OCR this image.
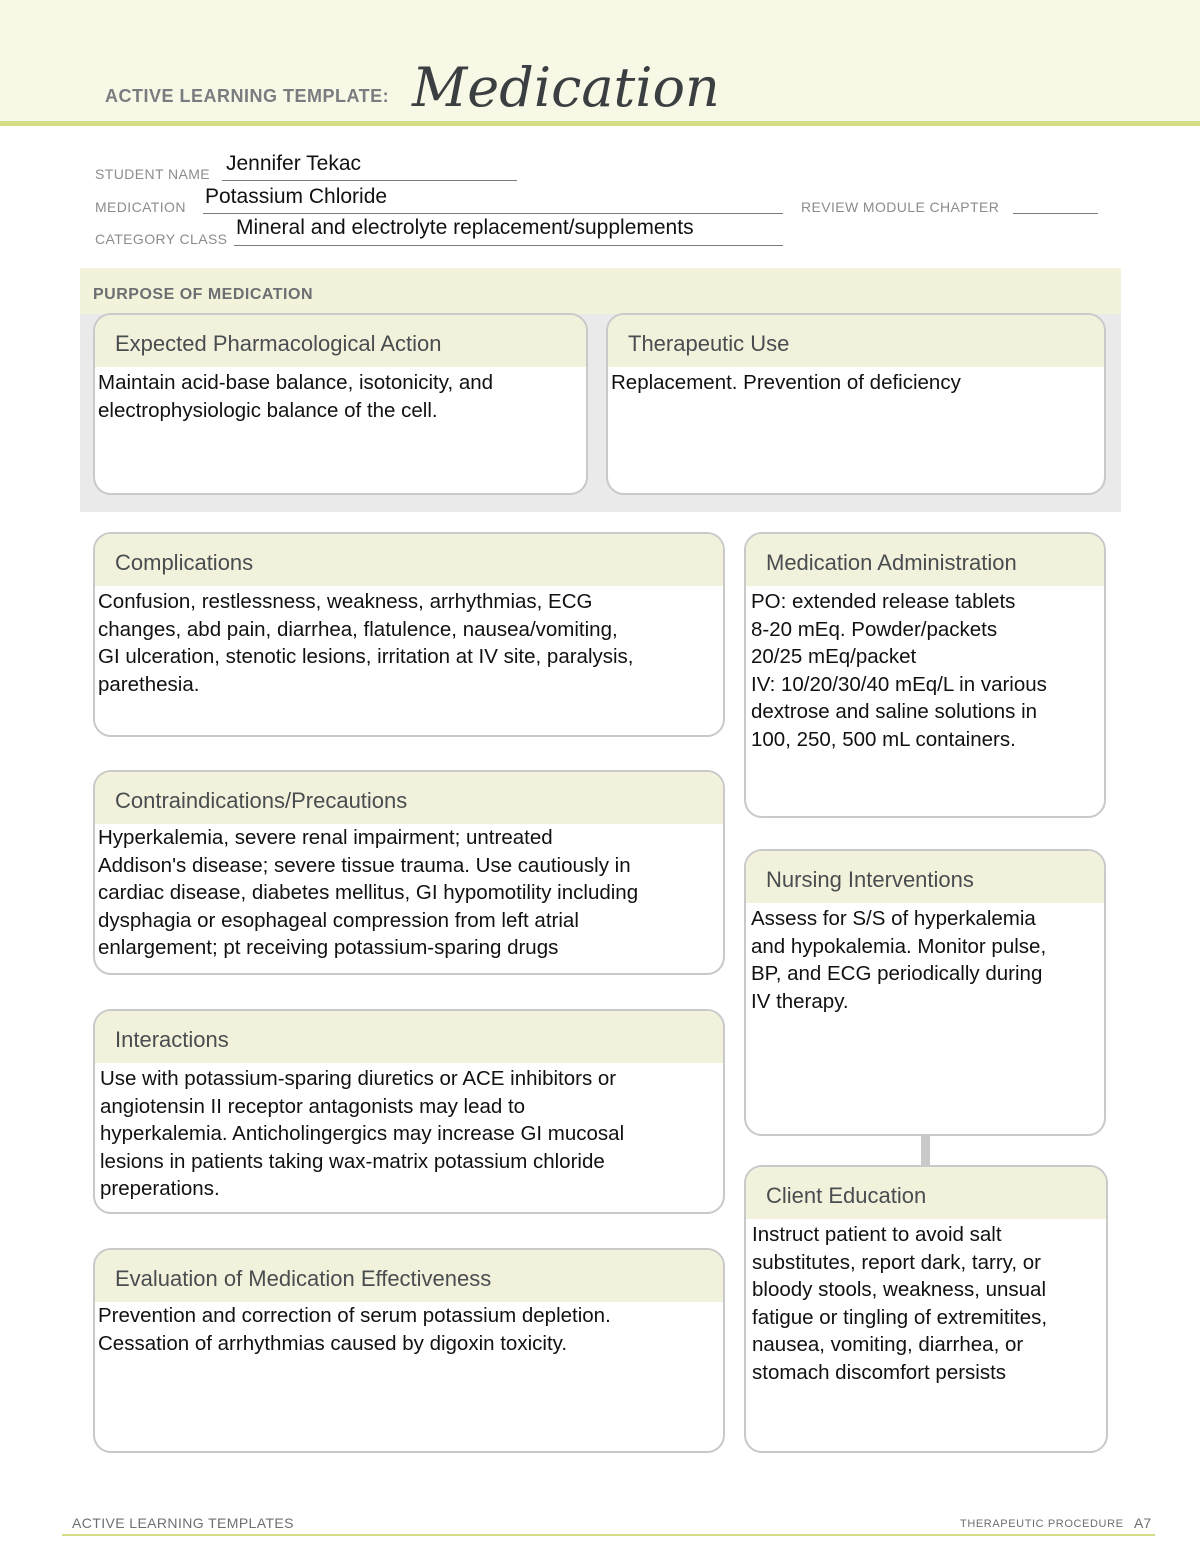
ACTIVE LEARNING TEMPLATE: Medication
STUDENT NAME Jennifer Tekac
MEDICATION Potassium Chloride	REVIEW MODULE CHAPTER
CATEGORY CLASS Mineral and electrolyte replacement/supplements
PURPOSE OF MEDICATION
Expected Pharmacological Action
Maintain acid-base balance, isotonicity, and
electrophysiologic balance of the cell.
Therapeutic Use
Replacement. Prevention of deficiency
Complications
Confusion, restlessness, weakness, arrhythmias, ECG
changes, abd pain, diarrhea, flatulence, nausea/vomiting,
GI ulceration, stenotic lesions, irritation at IV site, paralysis,
parethesia.
Medication Administration
PO: extended release tablets
8-20 mEq. Powder/packets
20/25 mEq/packet
IV: 10/20/30/40 mEq/L in various
dextrose and saline solutions in
100, 250, 500 mL containers.
Contraindications/Precautions
Hyperkalemia, severe renal impairment; untreated
Addison's disease; severe tissue trauma. Use cautiously in
cardiac disease, diabetes mellitus, GI hypomotility including
dysphagia or esophageal compression from left atrial
enlargement; pt receiving potassium-sparing drugs
Nursing Interventions
Assess for S/S of hyperkalemia
and hypokalemia. Monitor pulse,
BP, and ECG periodically during
IV therapy.
Interactions
Use with potassium-sparing diuretics or ACE inhibitors or
angiotensin II receptor antagonists may lead to
hyperkalemia. Anticholingergics may increase GI mucosal
lesions in patients taking wax-matrix potassium chloride
preperations.	Client Education
Instruct patient to avoid salt
substitutes, report dark, tarry, or
bloody stools, weakness, unsual
fatigue or tingling of extremitites,
nausea, vomiting, diarrhea, or
stomach discomfort persists
Evaluation of Medication Effectiveness
Prevention and correction of serum potassium depletion.
Cessation of arrhythmias caused by digoxin toxicity.
ACTIVE LEARNING TEMPLATES	THERAPEUTIC PROCEDURE A7
